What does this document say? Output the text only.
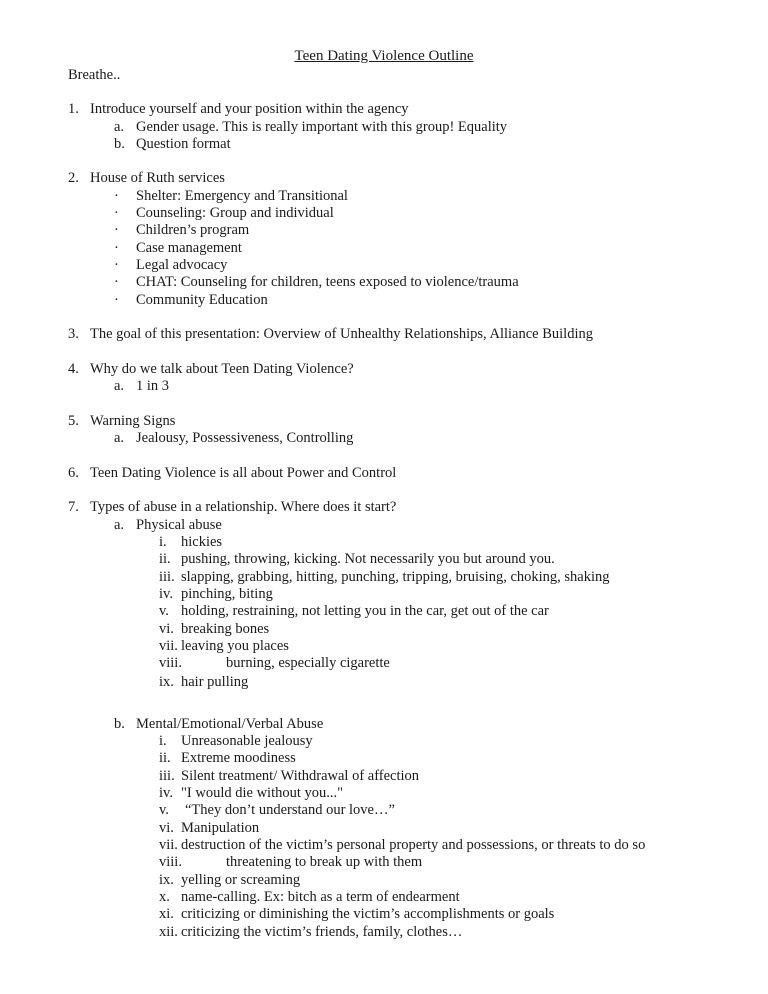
Teen Dating Violence Outline
Breathe..
1. Introduce yourself and your position within the agency
a. Gender usage. This is really important with this group! Equality
b. Question format
2. House of Ruth services
· Shelter: Emergency and Transitional
· Counseling: Group and individual
· Children’s program
· Case management
· Legal advocacy
· CHAT: Counseling for children, teens exposed to violence/trauma
· Community Education
3. The goal of this presentation: Overview of Unhealthy Relationships, Alliance Building
4. Why do we talk about Teen Dating Violence?
a. 1 in 3
5. Warning Signs
a. Jealousy, Possessiveness, Controlling
6. Teen Dating Violence is all about Power and Control
7. Types of abuse in a relationship. Where does it start?
a. Physical abuse
i. hickies
ii. pushing, throwing, kicking. Not necessarily you but around you.
iii. slapping, grabbing, hitting, punching, tripping, bruising, choking, shaking
iv. pinching, biting
v. holding, restraining, not letting you in the car, get out of the car
vi. breaking bones
vii. leaving you places
viii.	burning, especially cigarette
ix. hair pulling
b. Mental/Emotional/Verbal Abuse
i. Unreasonable jealousy
ii. Extreme moodiness
iii. Silent treatment/ Withdrawal of affection
iv. "I would die without you..."
v. “They don’t understand our love…”
vi. Manipulation
vii. destruction of the victim’s personal property and possessions, or threats to do so
viii.	threatening to break up with them
ix. yelling or screaming
x. name-calling. Ex: bitch as a term of endearment
xi. criticizing or diminishing the victim’s accomplishments or goals
xii. criticizing the victim’s friends, family, clothes…
